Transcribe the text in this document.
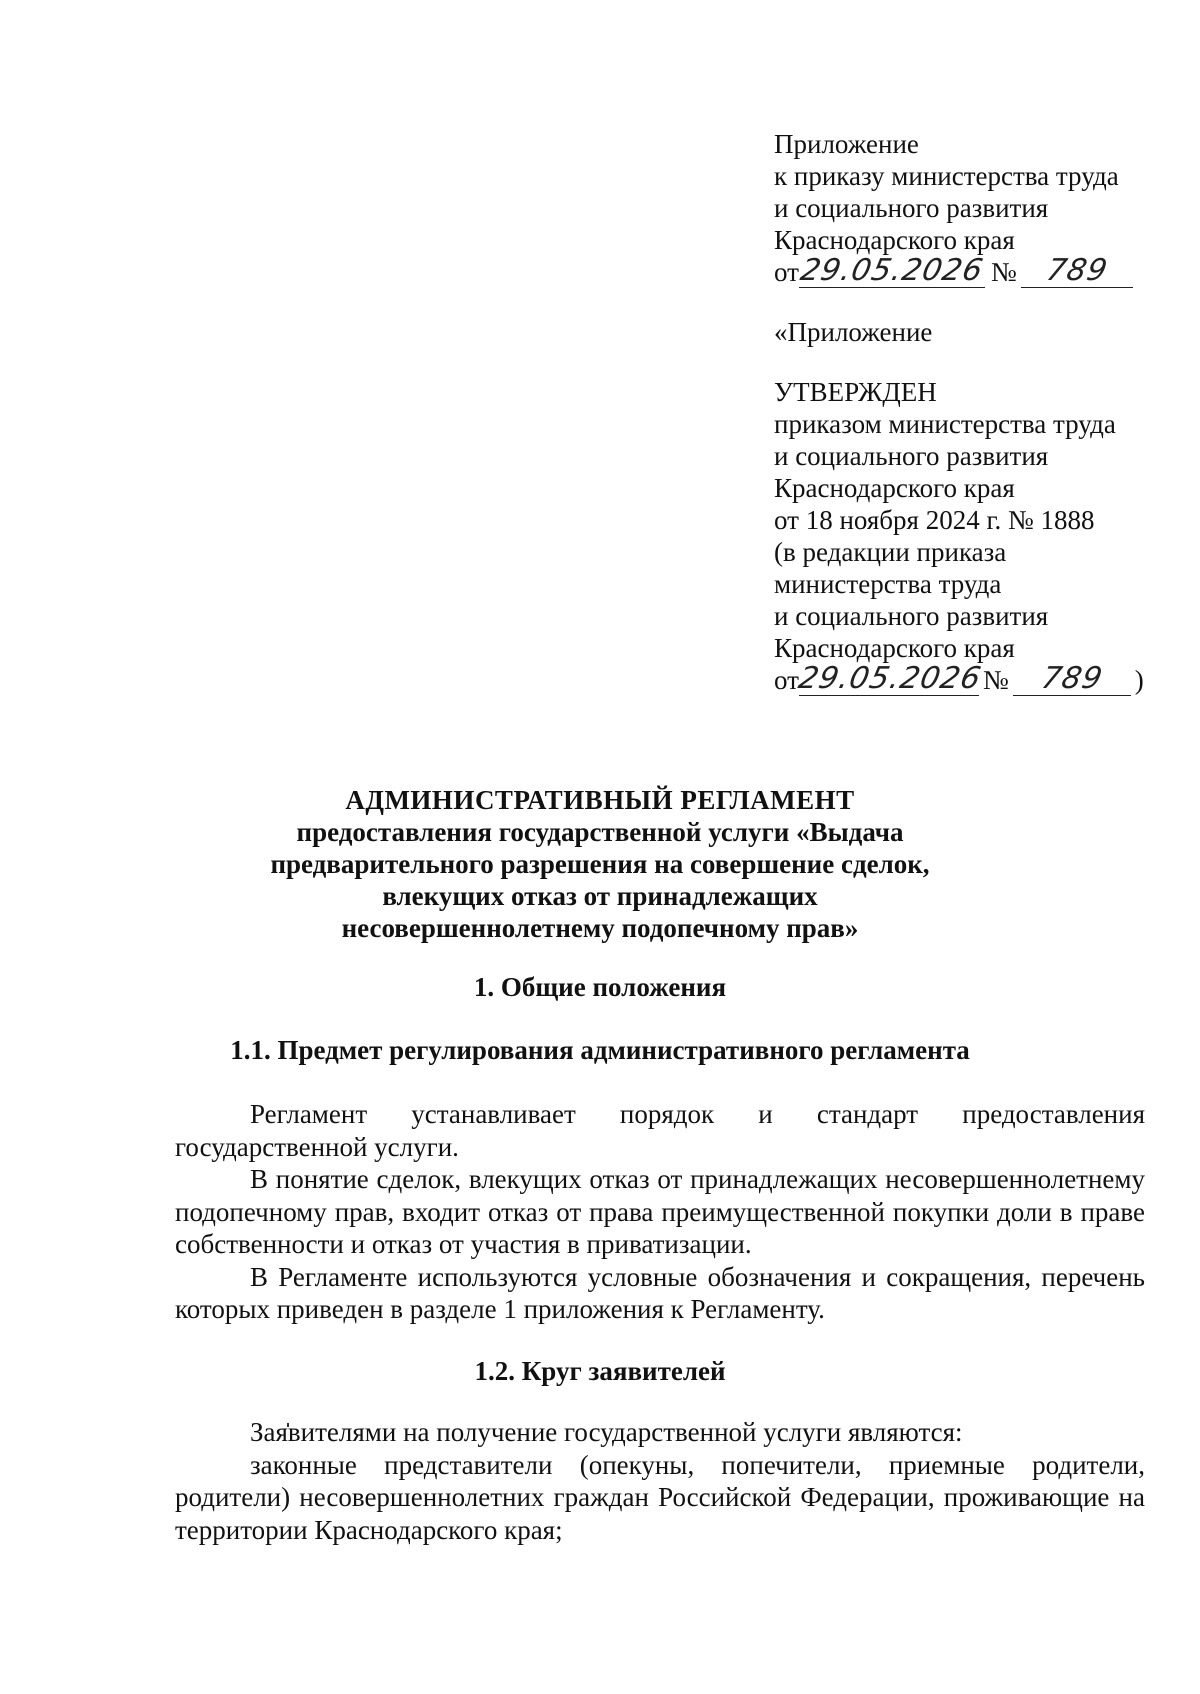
Приложение
к приказу министерства труда
и социального развития
Краснодарского края
от
29.05.2026 № 789
«Приложение
УТВЕРЖДЕН
приказом министерства труда
и социального развития
Краснодарского края
от 18 ноября 2024 г. № 1888
(в редакции приказа
министерства труда
и социального развития
Краснодарского края
от
29.05.2026
№ 789	)
АДМИНИСТРАТИВНЫЙ РЕГЛАМЕНТ
предоставления государственной услуги «Выдача
предварительного разрешения на совершение сделок,
влекущих отказ от принадлежащих
несовершеннолетнему подопечному прав»
1. Общие положения
1.1. Предмет регулирования административного регламента
Регламент устанавливает порядок и стандарт предоставления государственной услуги.
В понятие сделок, влекущих отказ от принадлежащих несовершеннолетнему подопечному прав, входит отказ от права преимущественной покупки доли в праве собственности и отказ от участия в приватизации.
В Регламенте используются условные обозначения и сокращения, перечень которых приведен в разделе 1 приложения к Регламенту.
1.2. Круг заявителей
Заявителями на получение государственной услуги являются:
законные представители (опекуны, попечители, приемные родители, родители) несовершеннолетних граждан Российской Федерации, проживающие на территории Краснодарского края;
